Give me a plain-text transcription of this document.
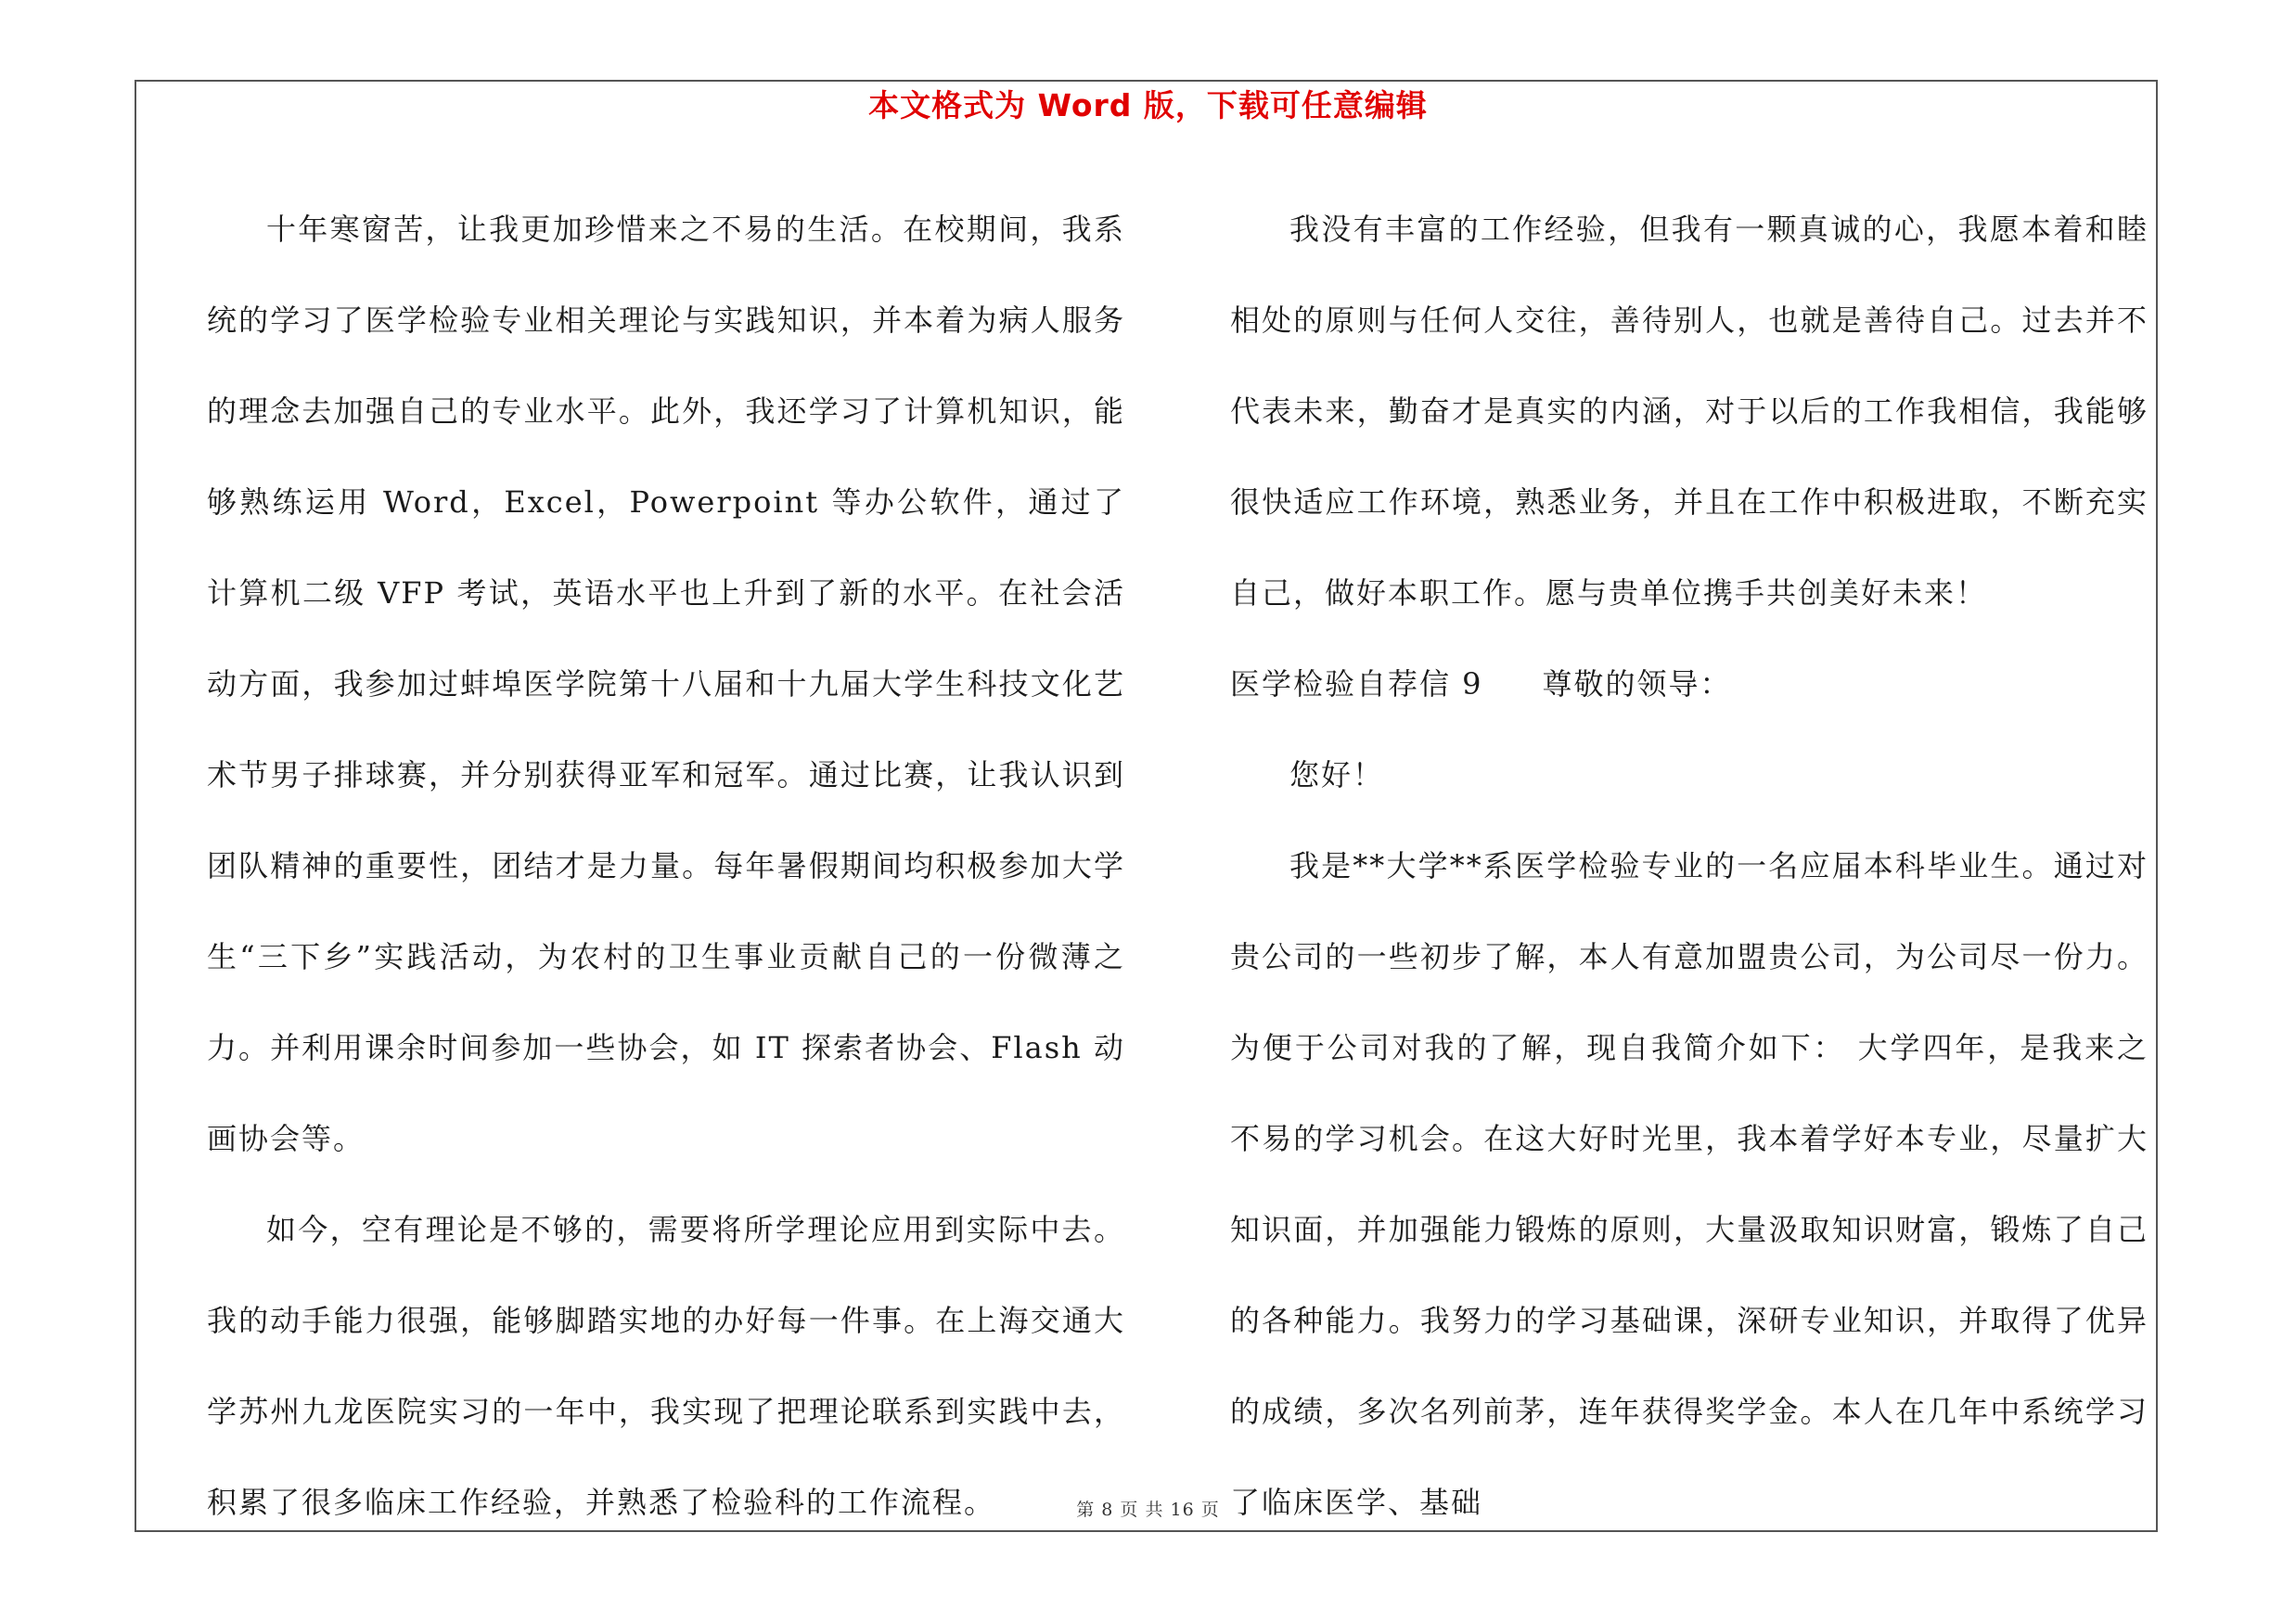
本文格式为 Word 版，下载可任意编辑

十年寒窗苦，让我更加珍惜来之不易的生活。在校期间，我系统的学习了医学检验专业相关理论与实践知识，并本着为病人服务的理念去加强自己的专业水平。此外，我还学习了计算机知识，能够熟练运用 Word，Excel，Powerpoint 等办公软件，通过了计算机二级 VFP 考试，英语水平也上升到了新的水平。在社会活动方面，我参加过蚌埠医学院第十八届和十九届大学生科技文化艺术节男子排球赛，并分别获得亚军和冠军。通过比赛，让我认识到团队精神的重要性，团结才是力量。每年暑假期间均积极参加大学生“三下乡”实践活动，为农村的卫生事业贡献自己的一份微薄之力。并利用课余时间参加一些协会，如 IT 探索者协会、Flash 动画协会等。

如今，空有理论是不够的，需要将所学理论应用到实际中去。我的动手能力很强，能够脚踏实地的办好每一件事。在上海交通大学苏州九龙医院实习的一年中，我实现了把理论联系到实践中去，积累了很多临床工作经验，并熟悉了检验科的工作流程。

我没有丰富的工作经验，但我有一颗真诚的心，我愿本着和睦相处的原则与任何人交往，善待别人，也就是善待自己。过去并不代表未来，勤奋才是真实的内涵，对于以后的工作我相信，我能够很快适应工作环境，熟悉业务，并且在工作中积极进取，不断充实自己，做好本职工作。愿与贵单位携手共创美好未来！

医学检验自荐信 9 尊敬的领导：

您好！

我是**大学**系医学检验专业的一名应届本科毕业生。通过对贵公司的一些初步了解，本人有意加盟贵公司，为公司尽一份力。为便于公司对我的了解，现自我简介如下： 大学四年，是我来之不易的学习机会。在这大好时光里，我本着学好本专业，尽量扩大知识面，并加强能力锻炼的原则，大量汲取知识财富，锻炼了自己的各种能力。我努力的学习基础课，深研专业知识，并取得了优异的成绩，多次名列前茅，连年获得奖学金。本人在几年中系统学习了临床医学、基础

第 8 页 共 16 页
